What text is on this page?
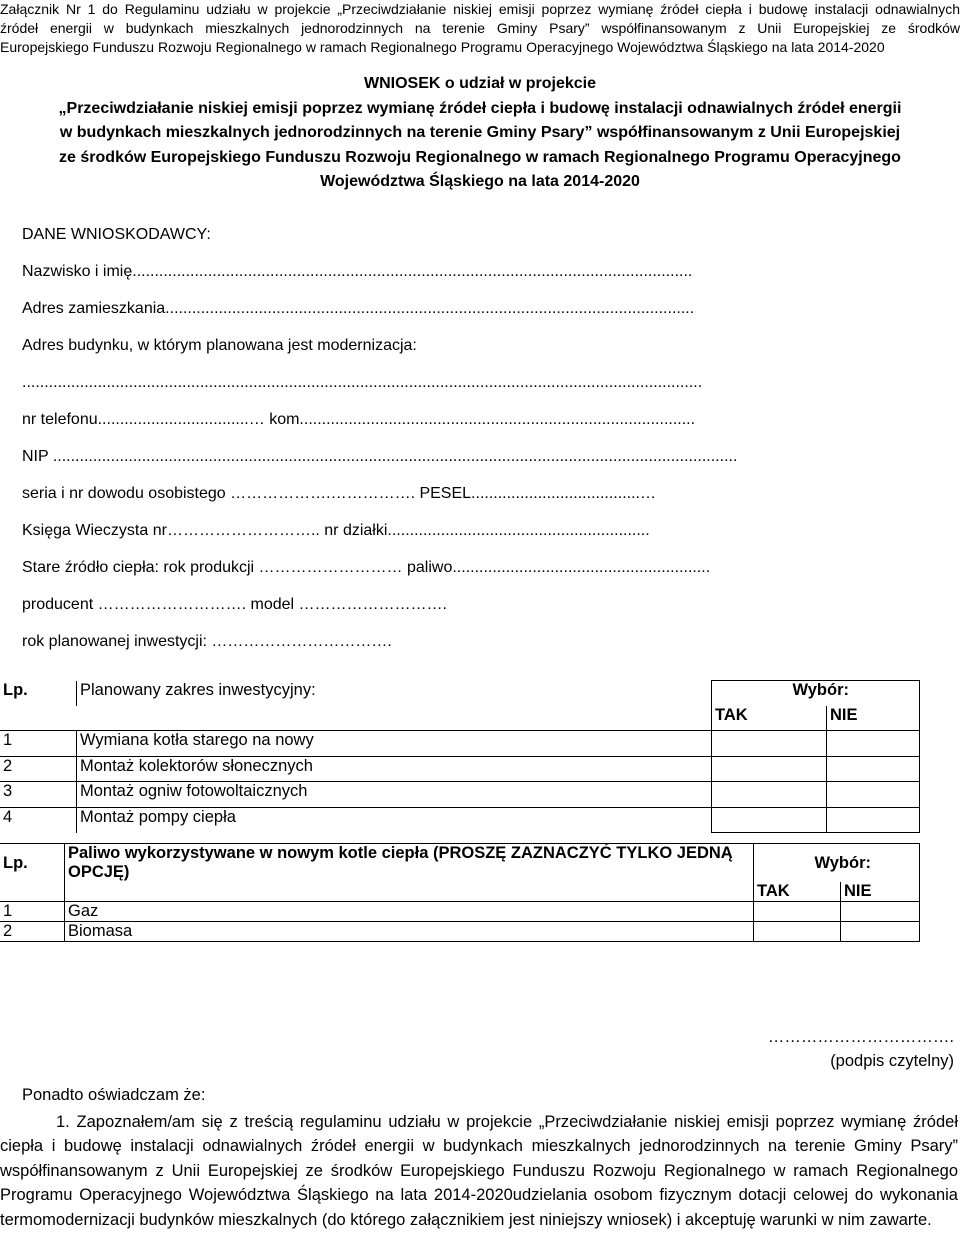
Załącznik Nr 1 do Regulaminu udziału w projekcie „Przeciwdziałanie niskiej emisji poprzez wymianę źródeł ciepła i budowę instalacji odnawialnych
źródeł energii w budynkach mieszkalnych jednorodzinnych na terenie Gminy Psary” współfinansowanym z Unii Europejskiej ze środków
Europejskiego Funduszu Rozwoju Regionalnego w ramach Regionalnego Programu Operacyjnego Województwa Śląskiego na lata 2014-2020
WNIOSEK o udział w projekcie
„Przeciwdziałanie niskiej emisji poprzez wymianę źródeł ciepła i budowę instalacji odnawialnych źródeł energii
w budynkach mieszkalnych jednorodzinnych na terenie Gminy Psary” współfinansowanym z Unii Europejskiej
ze środków Europejskiego Funduszu Rozwoju Regionalnego w ramach Regionalnego Programu Operacyjnego
Województwa Śląskiego na lata 2014-2020
DANE WNIOSKODAWCY:
Nazwisko i imię..............................................................................................................................
Adres zamieszkania.......................................................................................................................
Adres budynku, w którym planowana jest modernizacja:
.........................................................................................................................................................
nr telefonu..................................… kom.........................................................................................
NIP ..........................................................................................................................................................
seria i nr dowodu osobistego ……………….……………. PESEL......................................…
Księga Wieczysta nr……………………….. nr działki...........................................................
Stare źródło ciepła: rok produkcji ……………………… paliwo..........................................................
producent ………………………. model ……………………….
rok planowanej inwestycji: …………………………….
Lp.	Planowany zakres inwestycyjny:	Wybór:	
		TAK	NIE
1	Wymiana kotła starego na nowy		
2	Montaż kolektorów słonecznych		
3	Montaż ogniw fotowoltaicznych		
4	Montaż pompy ciepła		
Lp.	Paliwo wykorzystywane w nowym kotle ciepła (PROSZĘ ZAZNACZYĆ TYLKO JEDNĄ OPCJĘ)	Wybór:	
		TAK	NIE
1	Gaz		
2	Biomasa		
…………………………….
(podpis czytelny)
Ponadto oświadczam że:
1. Zapoznałem/am się z treścią regulaminu udziału w projekcie „Przeciwdziałanie niskiej emisji poprzez wymianę źródeł ciepła i budowę instalacji odnawialnych źródeł energii w budynkach mieszkalnych jednorodzinnych na terenie Gminy Psary” współfinansowanym z Unii Europejskiej ze środków Europejskiego Funduszu Rozwoju Regionalnego w ramach Regionalnego Programu Operacyjnego Województwa Śląskiego na lata 2014-2020udzielania osobom fizycznym dotacji celowej do wykonania termomodernizacji budynków mieszkalnych (do którego załącznikiem jest niniejszy wniosek) i akceptuję warunki w nim zawarte.
